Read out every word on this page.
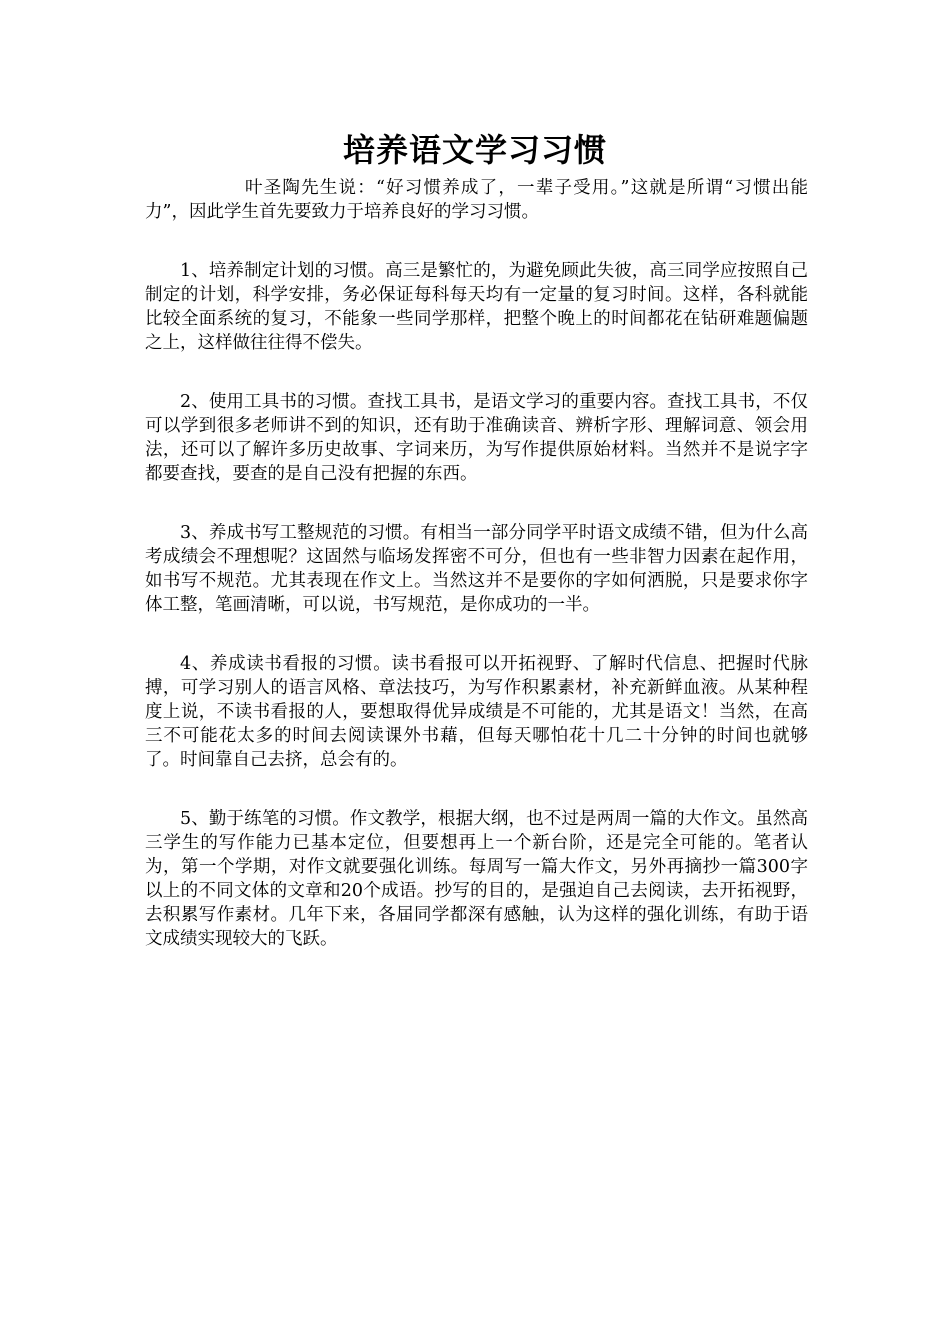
培养语文学习习惯

叶圣陶先生说：“好习惯养成了，一辈子受用。”这就是所谓“习惯出能力”，因此学生首先要致力于培养良好的学习习惯。

1、培养制定计划的习惯。高三是繁忙的，为避免顾此失彼，高三同学应按照自己制定的计划，科学安排，务必保证每科每天均有一定量的复习时间。这样，各科就能比较全面系统的复习，不能象一些同学那样，把整个晚上的时间都花在钻研难题偏题之上，这样做往往得不偿失。

2、使用工具书的习惯。查找工具书，是语文学习的重要内容。查找工具书，不仅可以学到很多老师讲不到的知识，还有助于准确读音、辨析字形、理解词意、领会用法，还可以了解许多历史故事、字词来历，为写作提供原始材料。当然并不是说字字都要查找，要查的是自己没有把握的东西。

3、养成书写工整规范的习惯。有相当一部分同学平时语文成绩不错，但为什么高考成绩会不理想呢？这固然与临场发挥密不可分，但也有一些非智力因素在起作用，如书写不规范。尤其表现在作文上。当然这并不是要你的字如何洒脱，只是要求你字体工整，笔画清晰，可以说，书写规范，是你成功的一半。

4、养成读书看报的习惯。读书看报可以开拓视野、了解时代信息、把握时代脉搏，可学习别人的语言风格、章法技巧，为写作积累素材，补充新鲜血液。从某种程度上说，不读书看报的人，要想取得优异成绩是不可能的，尤其是语文！当然，在高三不可能花太多的时间去阅读课外书藉，但每天哪怕花十几二十分钟的时间也就够了。时间靠自己去挤，总会有的。

5、勤于练笔的习惯。作文教学，根据大纲，也不过是两周一篇的大作文。虽然高三学生的写作能力已基本定位，但要想再上一个新台阶，还是完全可能的。笔者认为，第一个学期，对作文就要强化训练。每周写一篇大作文，另外再摘抄一篇300字以上的不同文体的文章和20个成语。抄写的目的，是强迫自己去阅读，去开拓视野，去积累写作素材。几年下来，各届同学都深有感触，认为这样的强化训练，有助于语文成绩实现较大的飞跃。
